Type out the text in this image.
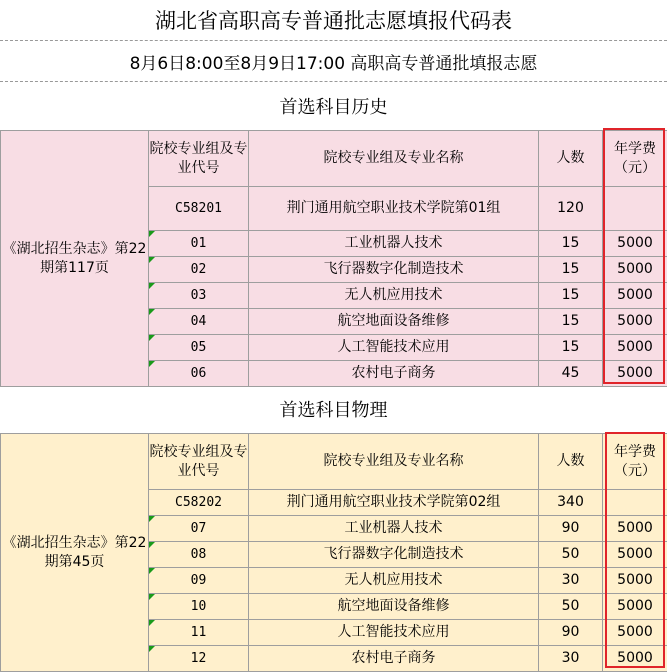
湖北省高职高专普通批志愿填报代码表
8月6日8:00至8月9日17:00 高职高专普通批填报志愿
首选科目历史
《湖北招生杂志》第22期第117页	院校专业组及专业代号	院校专业组及专业名称	人数	年学费（元）
	C58201	荆门通用航空职业技术学院第01组	120	
	01	工业机器人技术	15	5000
	02	飞行器数字化制造技术	15	5000
	03	无人机应用技术	15	5000
	04	航空地面设备维修	15	5000
	05	人工智能技术应用	15	5000
	06	农村电子商务	45	5000
首选科目物理
《湖北招生杂志》第22期第45页	院校专业组及专业代号	院校专业组及专业名称	人数	年学费（元）
	C58202	荆门通用航空职业技术学院第02组	340	
	07	工业机器人技术	90	5000
	08	飞行器数字化制造技术	50	5000
	09	无人机应用技术	30	5000
	10	航空地面设备维修	50	5000
	11	人工智能技术应用	90	5000
	12	农村电子商务	30	5000
